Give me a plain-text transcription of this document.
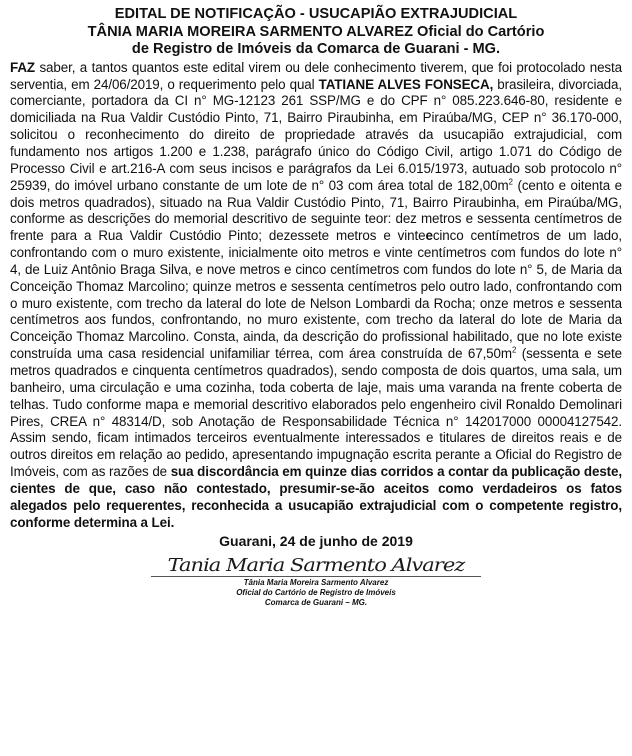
EDITAL DE NOTIFICAÇÃO - USUCAPIÃO EXTRAJUDICIAL
TÂNIA MARIA MOREIRA SARMENTO ALVAREZ Oficial do Cartório
de Registro de Imóveis da Comarca de Guarani - MG.
FAZ saber, a tantos quantos este edital virem ou dele conhecimento tiverem, que foi protocolado nesta serventia, em 24/06/2019, o requerimento pelo qual TATIANE ALVES FONSECA, brasileira, divorciada, comerciante, portadora da CI n° MG-12123 261 SSP/MG e do CPF n° 085.223.646-80, residente e domiciliada na Rua Valdir Custódio Pinto, 71, Bairro Piraubinha, em Piraúba/MG, CEP n° 36.170-000, solicitou o reconhecimento do direito de propriedade através da usucapião extrajudicial, com fundamento nos artigos 1.200 e 1.238, parágrafo único do Código Civil, artigo 1.071 do Código de Processo Civil e art.216-A com seus incisos e parágrafos da Lei 6.015/1973, autuado sob protocolo n° 25939, do imóvel urbano constante de um lote de n° 03 com área total de $182,00m^2$ (cento e oitenta e dois metros quadrados), situado na Rua Valdir Custódio Pinto, 71, Bairro Piraubinha, em Piraúba/MG, conforme as descrições do memorial descritivo de seguinte teor: dez metros e sessenta centímetros de frente para a Rua Valdir Custódio Pinto; dezessete metros e vinteecinco centímetros de um lado, confrontando com o muro existente, inicialmente oito metros e vinte centímetros com fundos do lote n° 4, de Luiz Antônio Braga Silva, e nove metros e cinco centímetros com fundos do lote n° 5, de Maria da Conceição Thomaz Marcolino; quinze metros e sessenta centímetros pelo outro lado, confrontando com o muro existente, com trecho da lateral do lote de Nelson Lombardi da Rocha; onze metros e sessenta centímetros aos fundos, confrontando, no muro existente, com trecho da lateral do lote de Maria da Conceição Thomaz Marcolino. Consta, ainda, da descrição do profissional habilitado, que no lote existe construída uma casa residencial unifamiliar térrea, com área construída de $67,50m^2$ (sessenta e sete metros quadrados e cinquenta centímetros quadrados), sendo composta de dois quartos, uma sala, um banheiro, uma circulação e uma cozinha, toda coberta de laje, mais uma varanda na frente coberta de telhas. Tudo conforme mapa e memorial descritivo elaborados pelo engenheiro civil Ronaldo Demolinari Pires, CREA n° 48314/D, sob Anotação de Responsabilidade Técnica n° 142017000 00004127542. Assim sendo, ficam intimados terceiros eventualmente interessados e titulares de direitos reais e de outros direitos em relação ao pedido, apresentando impugnação escrita perante a Oficial do Registro de Imóveis, com as razões de sua discordância em quinze dias corridos a contar da publicação deste, cientes de que, caso não contestado, presumir-se-ão aceitos como verdadeiros os fatos alegados pelo requerentes, reconhecida a usucapião extrajudicial com o competente registro, conforme determina a Lei.
Guarani, 24 de junho de 2019
Tania Maria Sarmento Alvarez
Tânia Maria Moreira Sarmento Alvarez
Oficial do Cartório de Registro de Imóveis
Comarca de Guarani – MG.
